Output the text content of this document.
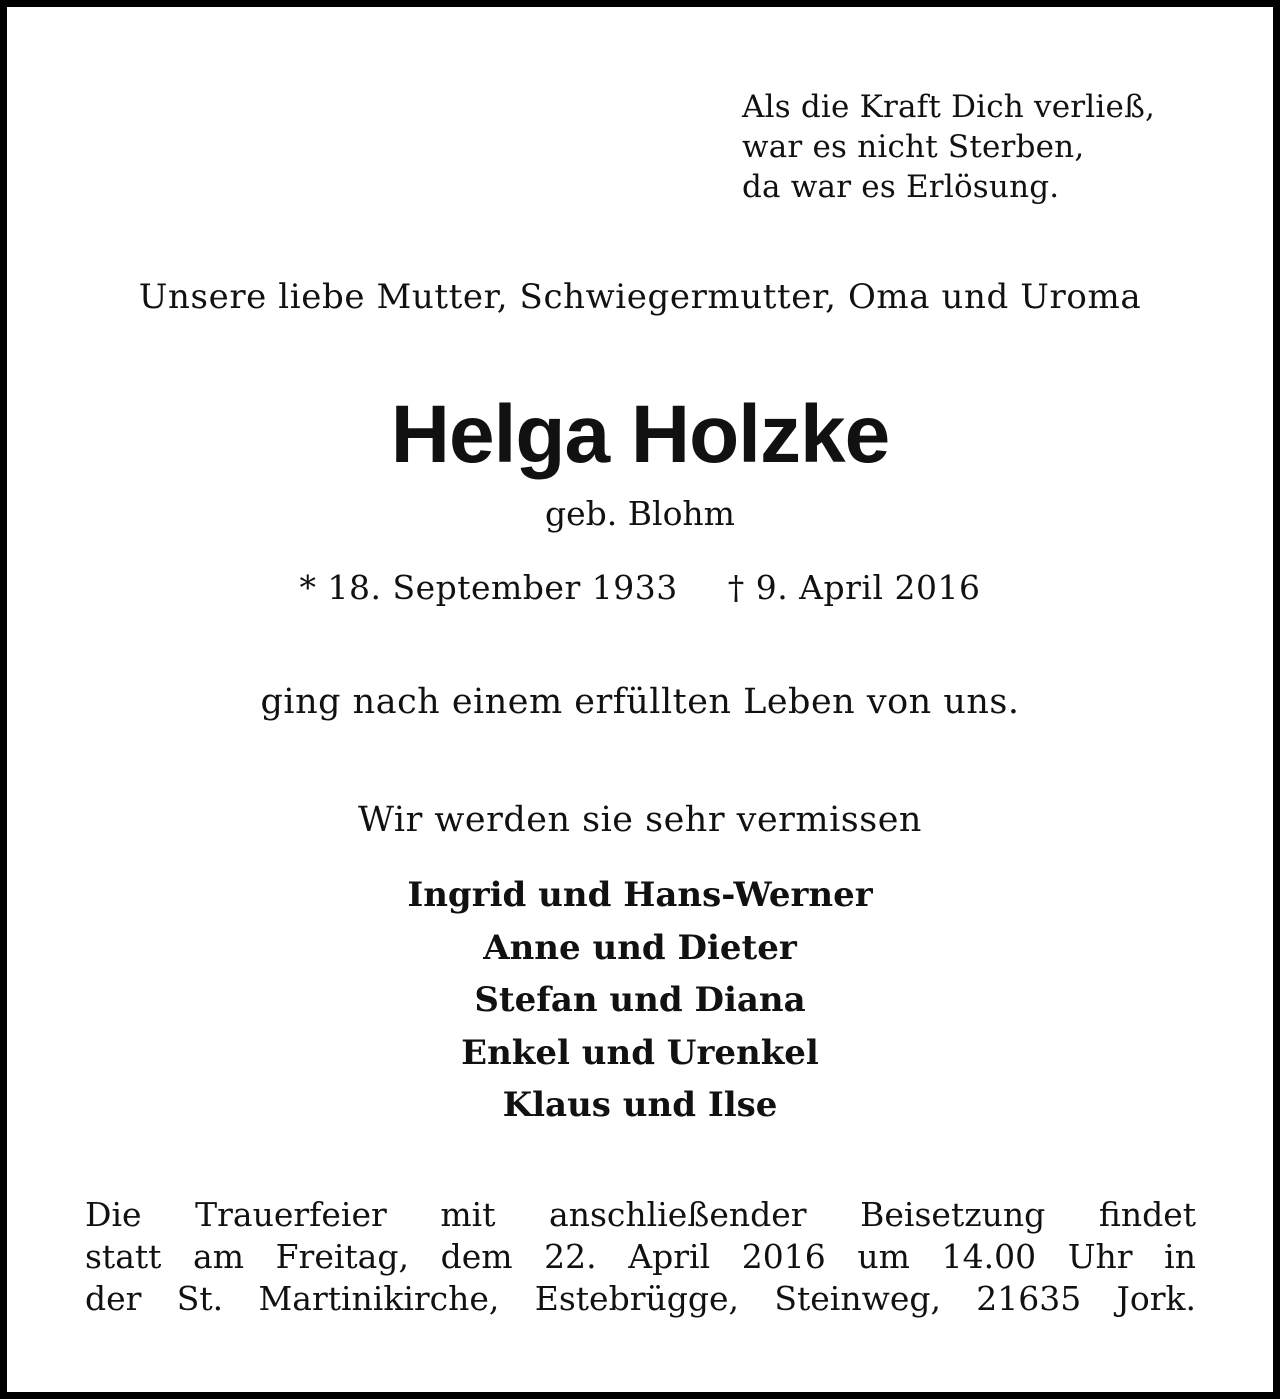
Als die Kraft Dich verließ,
war es nicht Sterben,
da war es Erlösung.
Unsere liebe Mutter, Schwiegermutter, Oma und Uroma
Helga Holzke
geb. Blohm
* 18. September 1933 † 9. April 2016
ging nach einem erfüllten Leben von uns.
Wir werden sie sehr vermissen
Ingrid und Hans-Werner
Anne und Dieter
Stefan und Diana
Enkel und Urenkel
Klaus und Ilse
Die Trauerfeier mit anschließender Beisetzung findet
statt am Freitag, dem 22. April 2016 um 14.00 Uhr in
der St. Martinikirche, Estebrügge, Steinweg, 21635 Jork.
